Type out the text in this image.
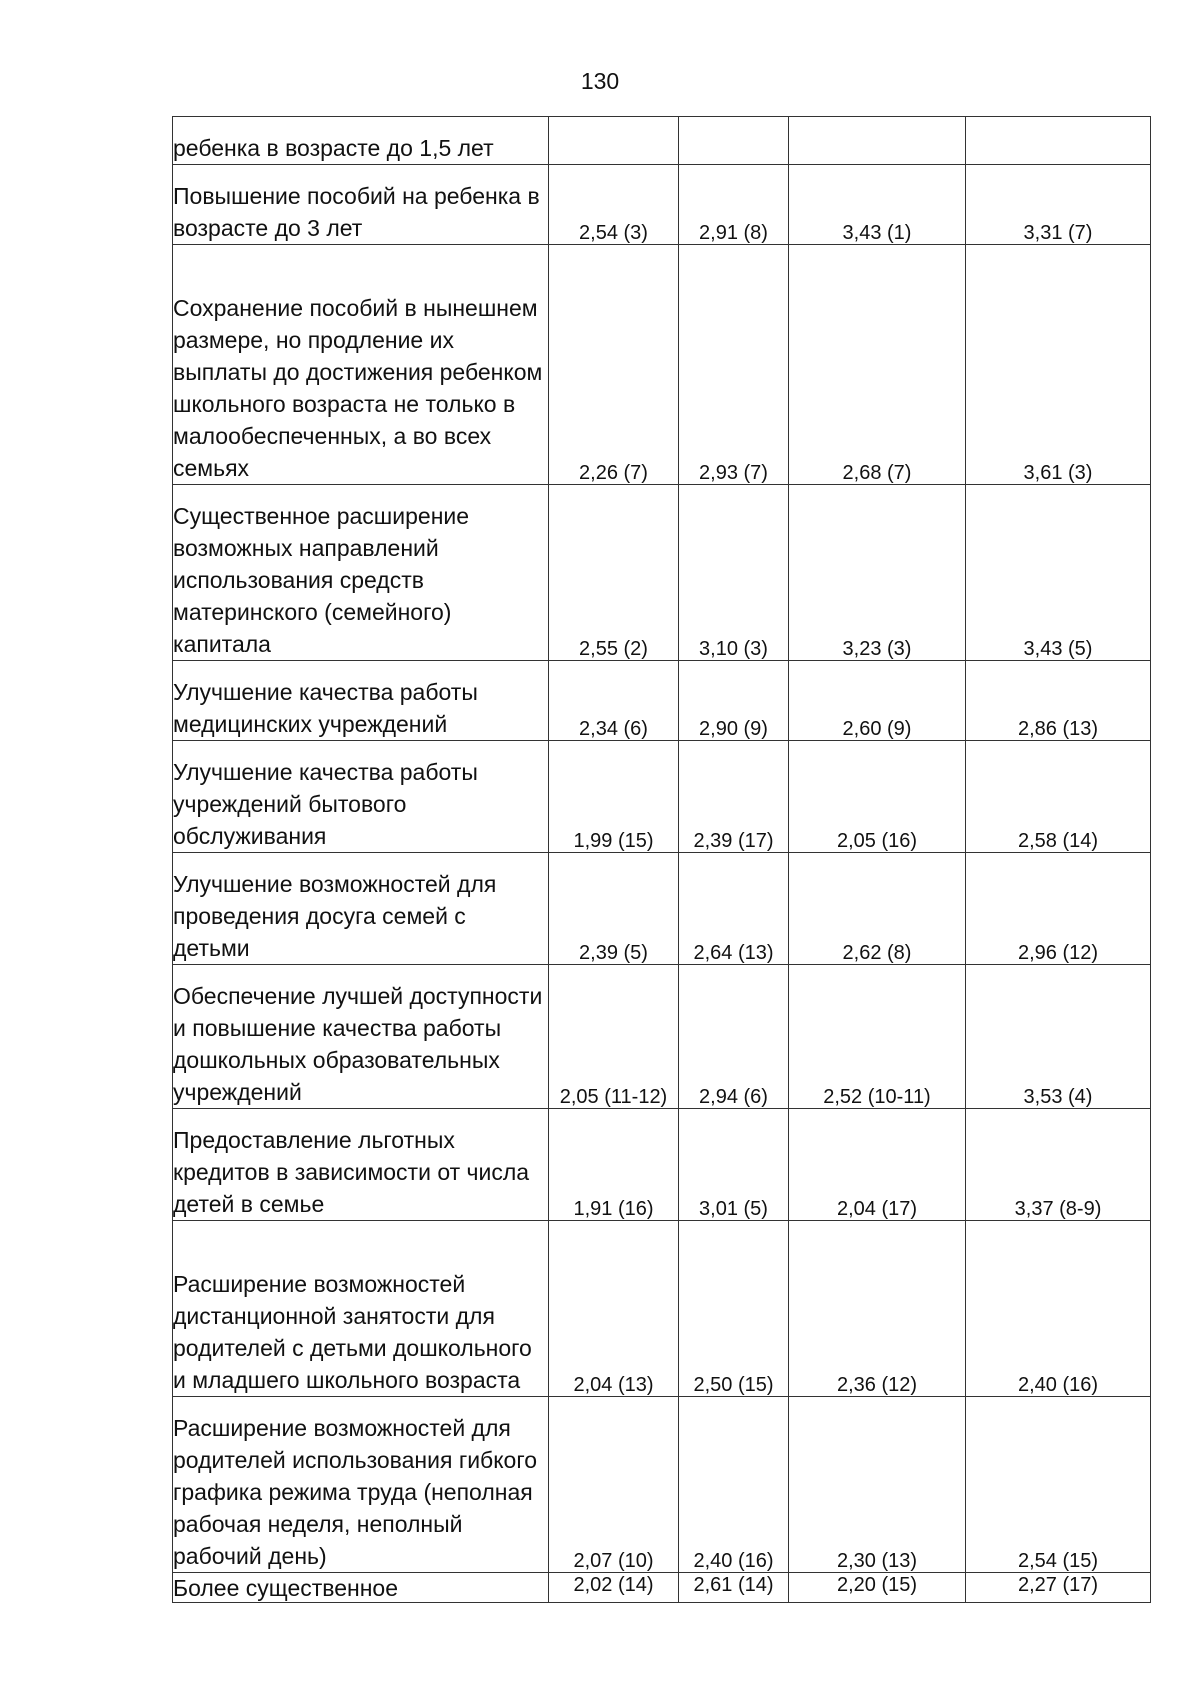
130
ребенка в возрасте до 1,5 лет				
Повышение пособий на ребенка в возрасте до 3 лет	2,54 (3)	2,91 (8)	3,43 (1)	3,31 (7)
Сохранение пособий в нынешнем размере, но продление их выплаты до достижения ребенком школьного возраста не только в малообеспеченных, а во всех семьях	2,26 (7)	2,93 (7)	2,68 (7)	3,61 (3)
Существенное расширение возможных направлений использования средств материнского (семейного) капитала	2,55 (2)	3,10 (3)	3,23 (3)	3,43 (5)
Улучшение качества работы медицинских учреждений	2,34 (6)	2,90 (9)	2,60 (9)	2,86 (13)
Улучшение качества работы учреждений бытового обслуживания	1,99 (15)	2,39 (17)	2,05 (16)	2,58 (14)
Улучшение возможностей для проведения досуга семей с детьми	2,39 (5)	2,64 (13)	2,62 (8)	2,96 (12)
Обеспечение лучшей доступности и повышение качества работы дошкольных образовательных учреждений	2,05 (11-12)	2,94 (6)	2,52 (10-11)	3,53 (4)
Предоставление льготных кредитов в зависимости от числа детей в семье	1,91 (16)	3,01 (5)	2,04 (17)	3,37 (8-9)
Расширение возможностей дистанционной занятости для родителей с детьми дошкольного и младшего школьного возраста	2,04 (13)	2,50 (15)	2,36 (12)	2,40 (16)
Расширение возможностей для родителей использования гибкого графика режима труда (неполная рабочая неделя, неполный рабочий день)	2,07 (10)	2,40 (16)	2,30 (13)	2,54 (15)
Более существенное	2,02 (14)	2,61 (14)	2,20 (15)	2,27 (17)
